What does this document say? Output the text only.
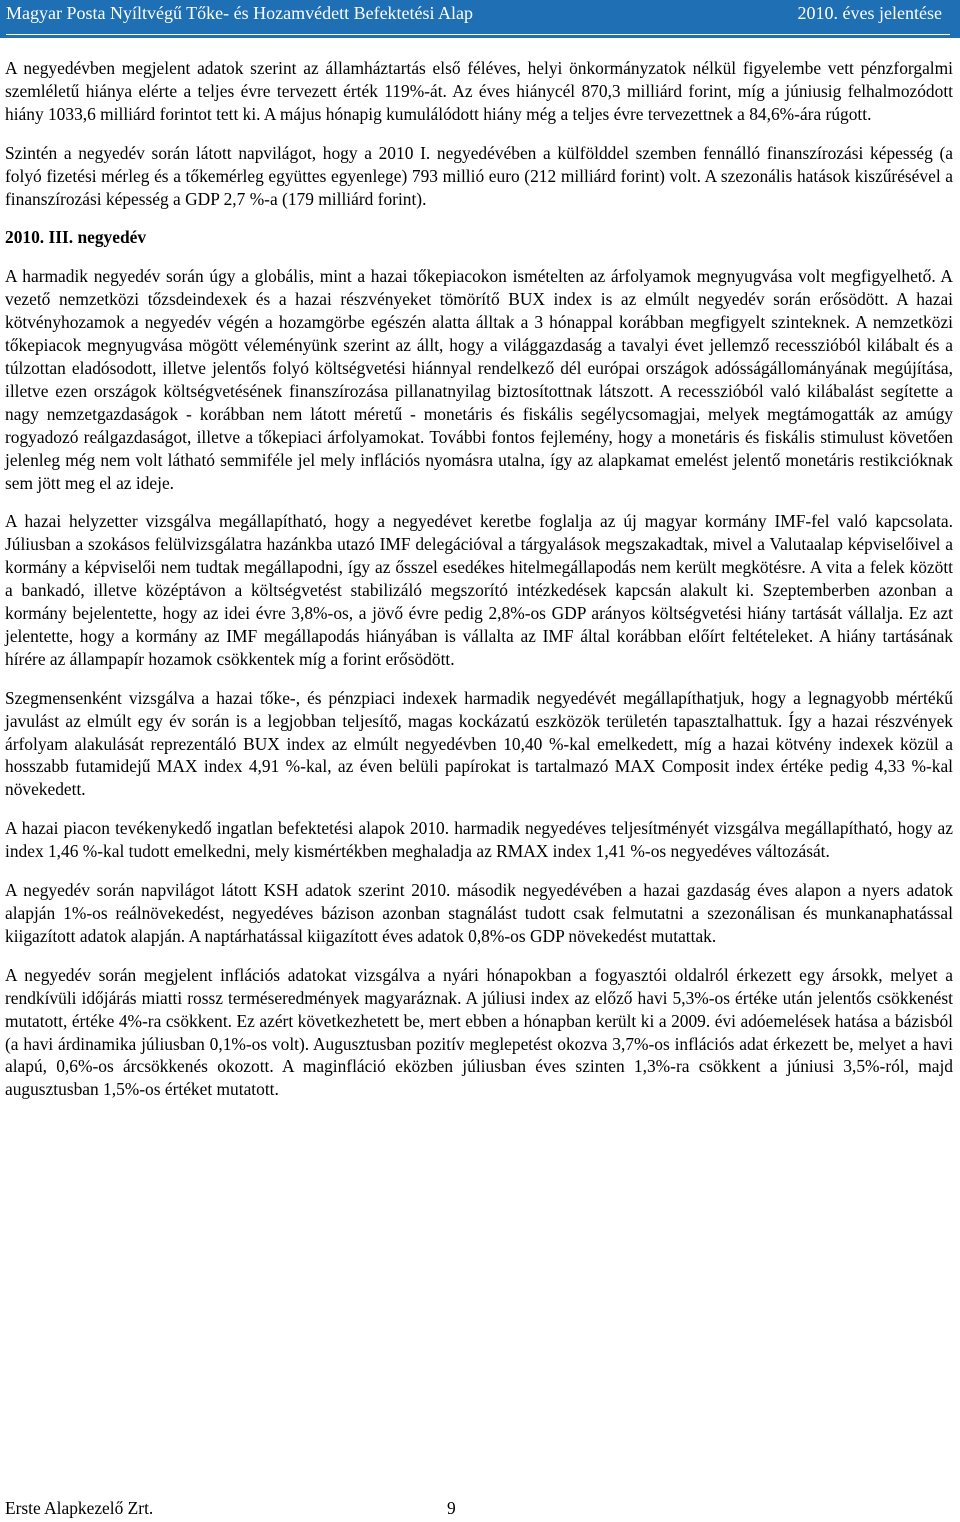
Magyar Posta Nyíltvégű Tőke- és Hozamvédett Befektetési Alap	2010. éves jelentése

A negyedévben megjelent adatok szerint az államháztartás első féléves, helyi önkormányzatok nélkül figyelembe vett pénzforgalmi szemléletű hiánya elérte a teljes évre tervezett érték 119%-át. Az éves hiánycél 870,3 milliárd forint, míg a júniusig felhalmozódott hiány 1033,6 milliárd forintot tett ki. A május hónapig kumulálódott hiány még a teljes évre tervezettnek a 84,6%-ára rúgott.

Szintén a negyedév során látott napvilágot, hogy a 2010 I. negyedévében a külfölddel szemben fennálló finanszírozási képesség (a folyó fizetési mérleg és a tőkemérleg együttes egyenlege) 793 millió euro (212 milliárd forint) volt. A szezonális hatások kiszűrésével a finanszírozási képesség a GDP 2,7 %-a (179 milliárd forint).

2010. III. negyedév

A harmadik negyedév során úgy a globális, mint a hazai tőkepiacokon ismételten az árfolyamok megnyugvása volt megfigyelhető. A vezető nemzetközi tőzsdeindexek és a hazai részvényeket tömörítő BUX index is az elmúlt negyedév során erősödött. A hazai kötvényhozamok a negyedév végén a hozamgörbe egészén alatta álltak a 3 hónappal korábban megfigyelt szinteknek. A nemzetközi tőkepiacok megnyugvása mögött véleményünk szerint az állt, hogy a világgazdaság a tavalyi évet jellemző recesszióból kilábalt és a túlzottan eladósodott, illetve jelentős folyó költségvetési hiánnyal rendelkező dél európai országok adósságállományának megújítása, illetve ezen országok költségvetésének finanszírozása pillanatnyilag biztosítottnak látszott. A recesszióból való kilábalást segítette a nagy nemzetgazdaságok - korábban nem látott méretű - monetáris és fiskális segélycsomagjai, melyek megtámogatták az amúgy rogyadozó reálgazdaságot, illetve a tőkepiaci árfolyamokat. További fontos fejlemény, hogy a monetáris és fiskális stimulust követően jelenleg még nem volt látható semmiféle jel mely inflációs nyomásra utalna, így az alapkamat emelést jelentő monetáris restikcióknak sem jött meg el az ideje.

A hazai helyzetter vizsgálva megállapítható, hogy a negyedévet keretbe foglalja az új magyar kormány IMF-fel való kapcsolata. Júliusban a szokásos felülvizsgálatra hazánkba utazó IMF delegációval a tárgyalások megszakadtak, mivel a Valutaalap képviselőivel a kormány a képviselői nem tudtak megállapodni, így az ősszel esedékes hitelmegállapodás nem került megkötésre. A vita a felek között a bankadó, illetve középtávon a költségvetést stabilizáló megszorító intézkedések kapcsán alakult ki. Szeptemberben azonban a kormány bejelentette, hogy az idei évre 3,8%-os, a jövő évre pedig 2,8%-os GDP arányos költségvetési hiány tartását vállalja. Ez azt jelentette, hogy a kormány az IMF megállapodás hiányában is vállalta az IMF által korábban előírt feltételeket. A hiány tartásának hírére az állampapír hozamok csökkentek míg a forint erősödött.

Szegmensenként vizsgálva a hazai tőke-, és pénzpiaci indexek harmadik negyedévét megállapíthatjuk, hogy a legnagyobb mértékű javulást az elmúlt egy év során is a legjobban teljesítő, magas kockázatú eszközök területén tapasztalhattuk. Így a hazai részvények árfolyam alakulását reprezentáló BUX index az elmúlt negyedévben 10,40 %-kal emelkedett, míg a hazai kötvény indexek közül a hosszabb futamidejű MAX index 4,91 %-kal, az éven belüli papírokat is tartalmazó MAX Composit index értéke pedig 4,33 %-kal növekedett.

A hazai piacon tevékenykedő ingatlan befektetési alapok 2010. harmadik negyedéves teljesítményét vizsgálva megállapítható, hogy az index 1,46 %-kal tudott emelkedni, mely kismértékben meghaladja az RMAX index 1,41 %-os negyedéves változását.

A negyedév során napvilágot látott KSH adatok szerint 2010. második negyedévében a hazai gazdaság éves alapon a nyers adatok alapján 1%-os reálnövekedést, negyedéves bázison azonban stagnálást tudott csak felmutatni a szezonálisan és munkanaphatással kiigazított adatok alapján. A naptárhatással kiigazított éves adatok 0,8%-os GDP növekedést mutattak.

A negyedév során megjelent inflációs adatokat vizsgálva a nyári hónapokban a fogyasztói oldalról érkezett egy ársokk, melyet a rendkívüli időjárás miatti rossz terméseredmények magyaráznak. A júliusi index az előző havi 5,3%-os értéke után jelentős csökkenést mutatott, értéke 4%-ra csökkent. Ez azért következhetett be, mert ebben a hónapban került ki a 2009. évi adóemelések hatása a bázisból (a havi árdinamika júliusban 0,1%-os volt). Augusztusban pozitív meglepetést okozva 3,7%-os inflációs adat érkezett be, melyet a havi alapú, 0,6%-os árcsökkenés okozott. A maginfláció eközben júliusban éves szinten 1,3%-ra csökkent a júniusi 3,5%-ról, majd augusztusban 1,5%-os értéket mutatott.

Erste Alapkezelő Zrt.	9
